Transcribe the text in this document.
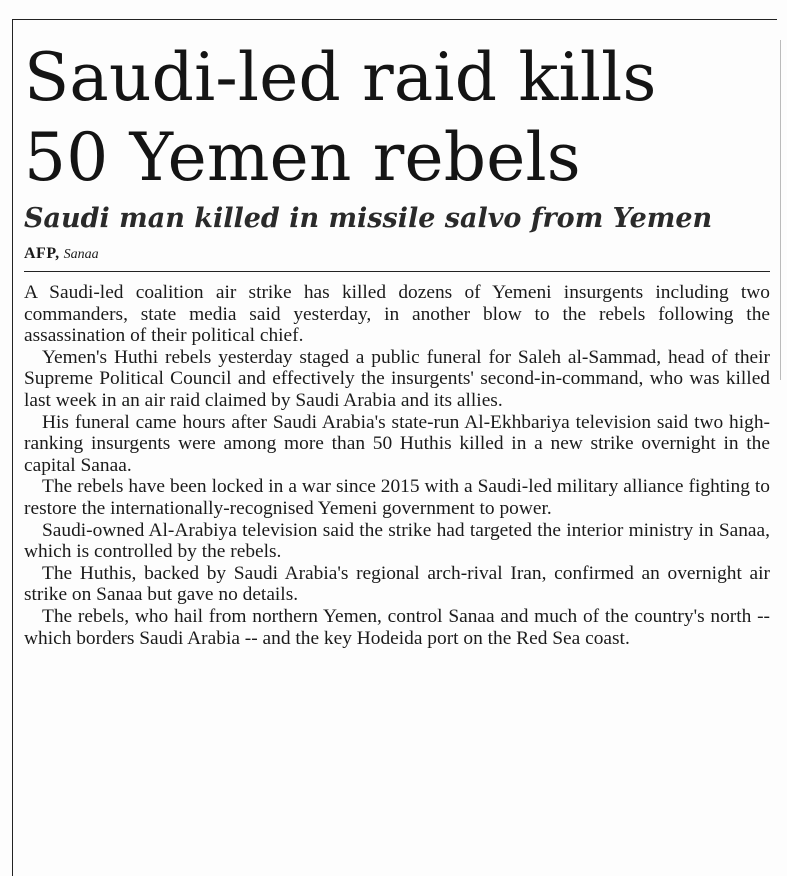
Saudi-led raid kills
50 Yemen rebels
Saudi man killed in missile salvo from Yemen
AFP, Sanaa

A Saudi-led coalition air strike has killed dozens of Yemeni insurgents including two commanders, state media said yesterday, in another blow to the rebels following the assassination of their political chief.

Yemen's Huthi rebels yesterday staged a public funeral for Saleh al-Sammad, head of their Supreme Political Council and effectively the insurgents' second-in-command, who was killed last week in an air raid claimed by Saudi Arabia and its allies.

His funeral came hours after Saudi Arabia's state-run Al-Ekhbariya television said two high-ranking insurgents were among more than 50 Huthis killed in a new strike overnight in the capital Sanaa.

The rebels have been locked in a war since 2015 with a Saudi-led military alliance fighting to restore the internationally-recognised Yemeni government to power.

Saudi-owned Al-Arabiya television said the strike had targeted the interior ministry in Sanaa, which is controlled by the rebels.

The Huthis, backed by Saudi Arabia's regional arch-rival Iran, confirmed an overnight air strike on Sanaa but gave no details.

The rebels, who hail from northern Yemen, control Sanaa and much of the country's north -- which borders Saudi Arabia -- and the key Hodeida port on the Red Sea coast.
